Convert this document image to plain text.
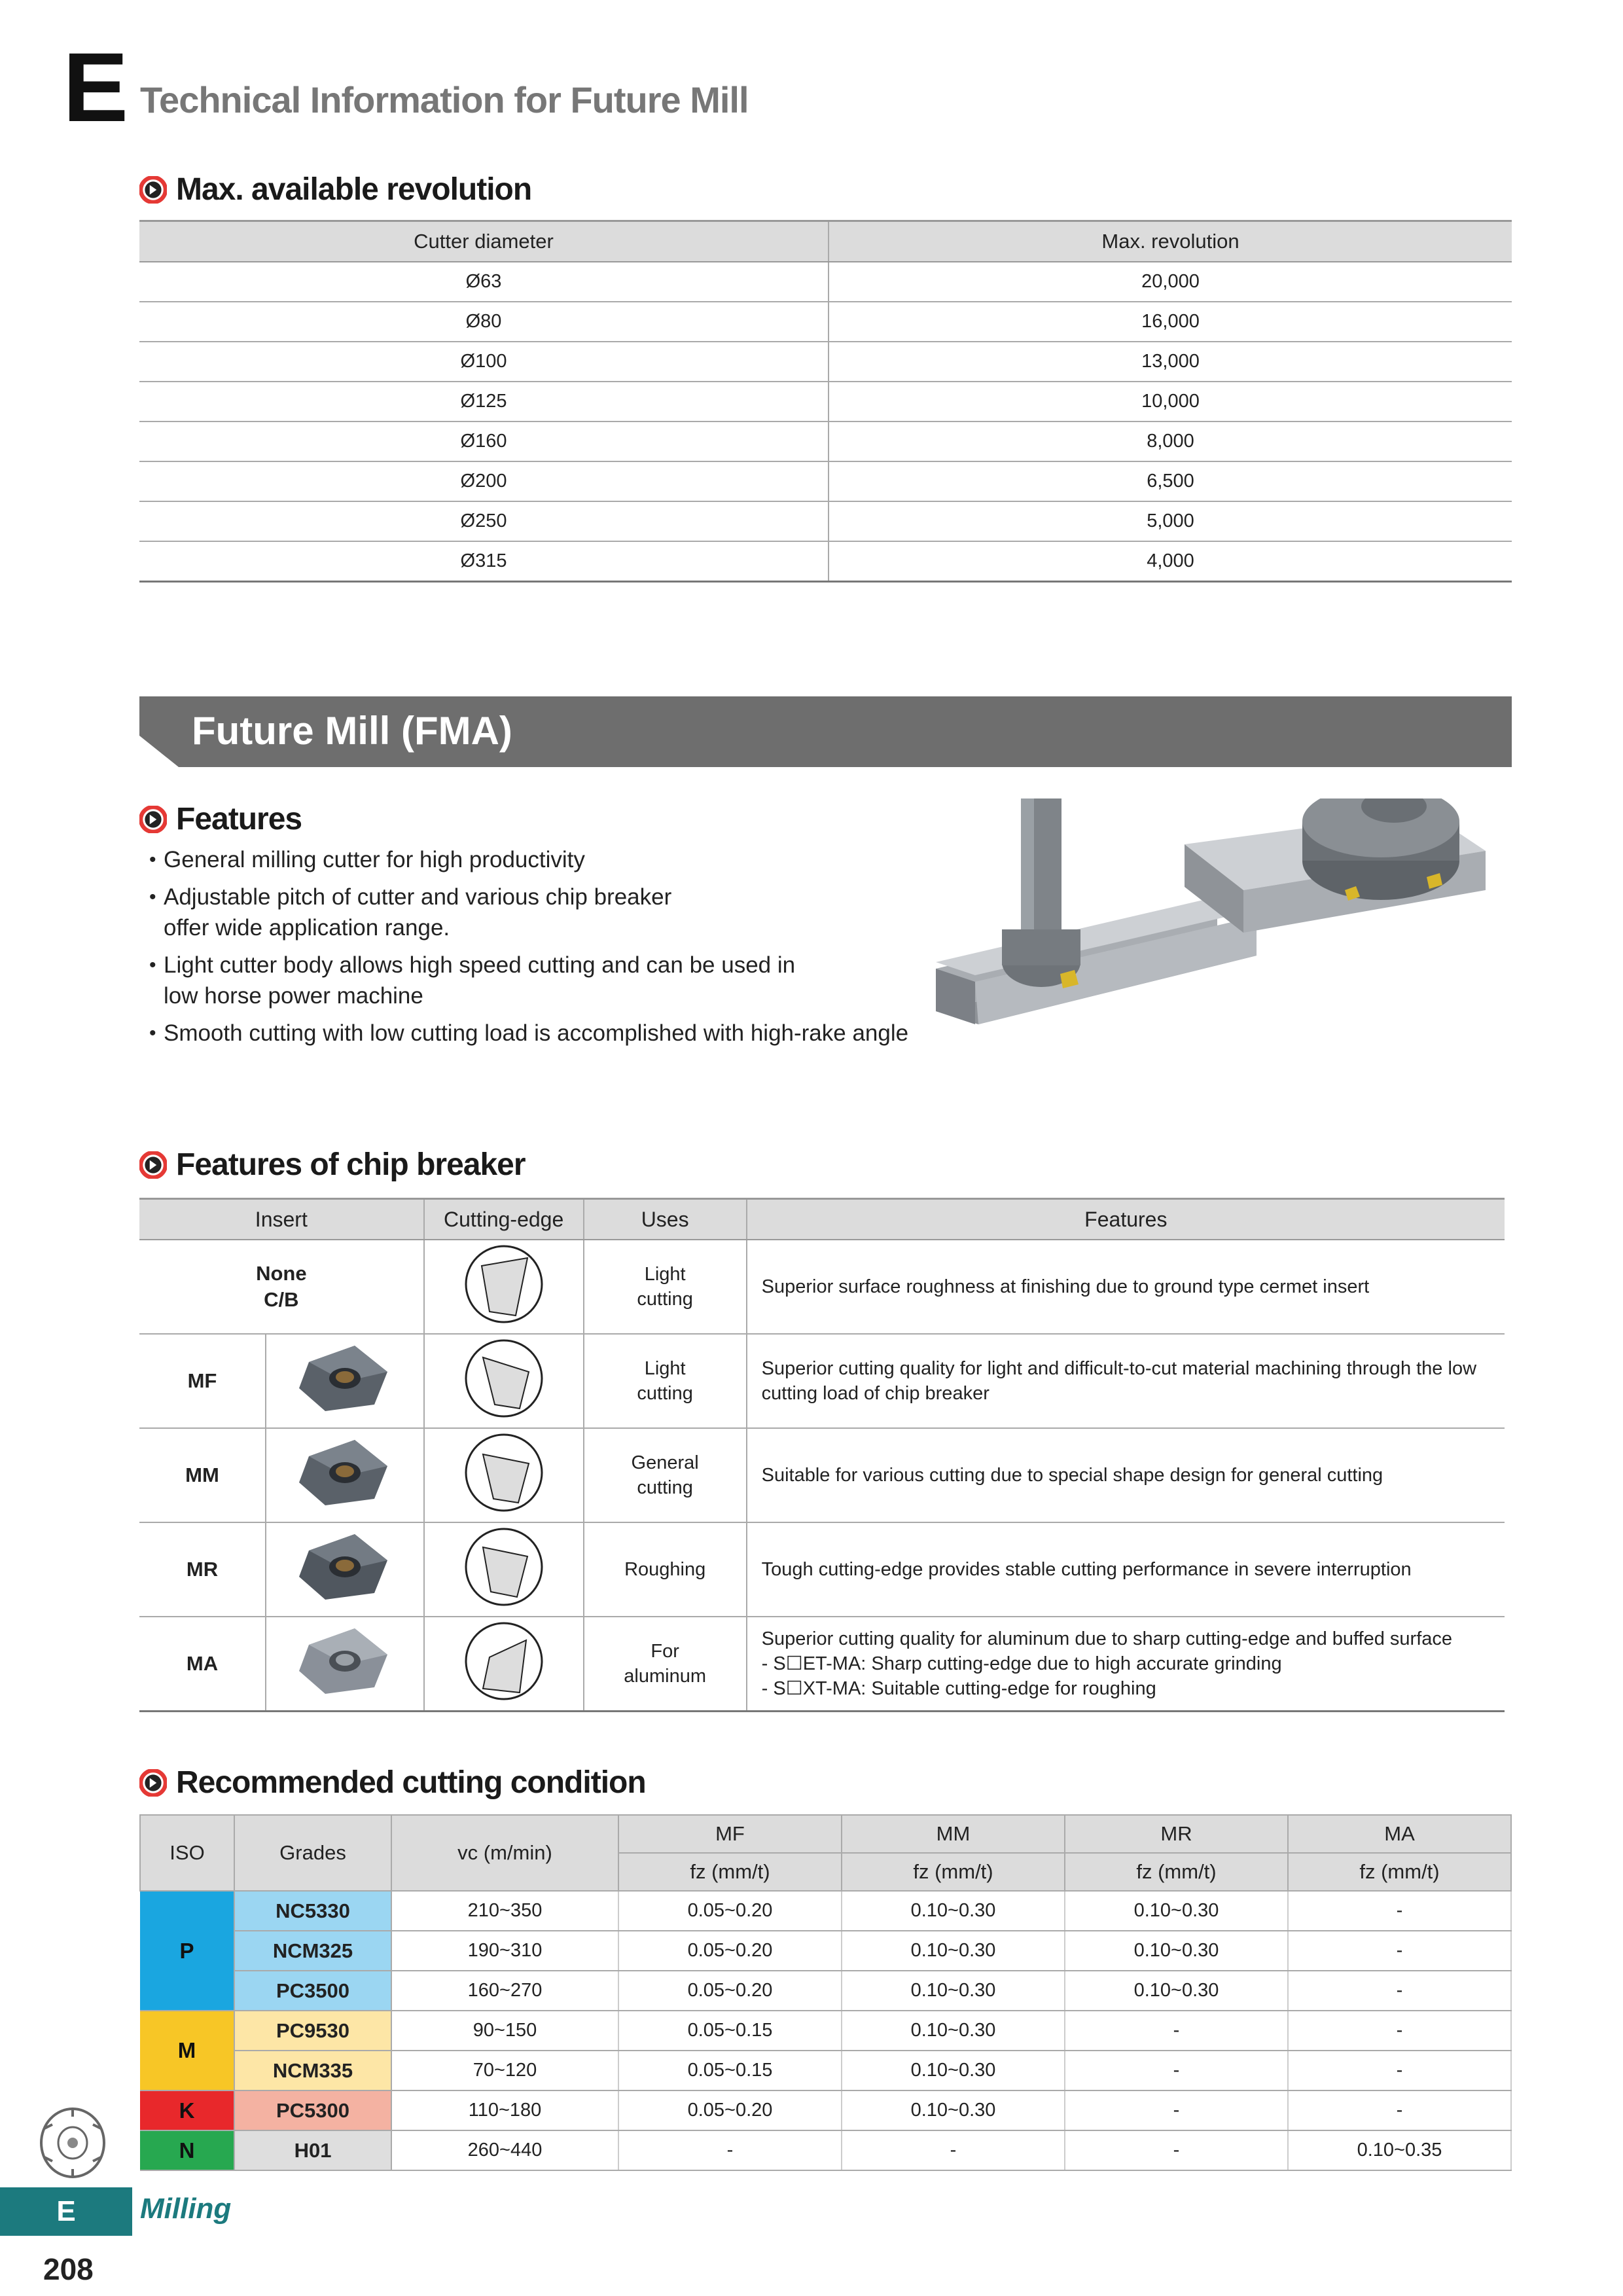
E Technical Information for Future Mill
Max. available revolution
Cutter diameter	Max. revolution
Ø63	20,000
Ø80	16,000
Ø100	13,000
Ø125	10,000
Ø160	8,000
Ø200	6,500
Ø250	5,000
Ø315	4,000
Future Mill (FMA)
Features
• General milling cutter for high productivity
• Adjustable pitch of cutter and various chip breaker offer wide application range.
• Light cutter body allows high speed cutting and can be used in low horse power machine
• Smooth cutting with low cutting load is accomplished with high-rake angle
Features of chip breaker
Insert		Cutting-edge	Uses	Features

None C/B			Light cutting	Superior surface roughness at finishing due to ground type cermet insert
MF			Light cutting	Superior cutting quality for light and difficult-to-cut material machining through the low cutting load of chip breaker
MM			General cutting	Suitable for various cutting due to special shape design for general cutting
MR			Roughing	Tough cutting-edge provides stable cutting performance in severe interruption
MA			For aluminum	Superior cutting quality for aluminum due to sharp cutting-edge and buffed surface
- S☐ET-MA: Sharp cutting-edge due to high accurate grinding
- S☐XT-MA: Suitable cutting-edge for roughing
Recommended cutting condition
ISO	Grades	vc (m/min)	MF	MM	MR	MA
			fz (mm/t)	fz (mm/t)	fz (mm/t)	fz (mm/t)
P	NC5330	210~350	0.05~0.20	0.10~0.30	0.10~0.30	-
	NCM325	190~310	0.05~0.20	0.10~0.30	0.10~0.30	-
	PC3500	160~270	0.05~0.20	0.10~0.30	0.10~0.30	-
M	PC9530	90~150	0.05~0.15	0.10~0.30	-	-
	NCM335	70~120	0.05~0.15	0.10~0.30	-	-
K	PC5300	110~180	0.05~0.20	0.10~0.30	-	-
N	H01	260~440	-	-	-	0.10~0.35
E	Milling
208
